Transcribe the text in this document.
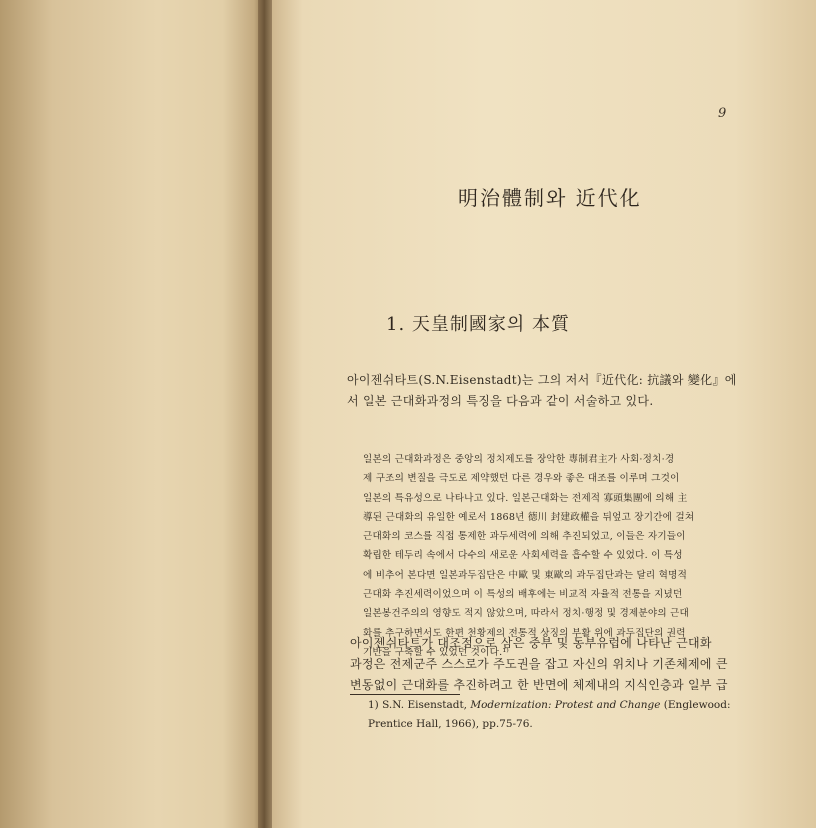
9
明治體制와 近代化
1. 天皇制國家의 本質

아이젠쉬타트(S.N.Eisenstadt)는 그의 저서『近代化: 抗議와 變化』에
서 일본 근대화과정의 특징을 다음과 같이 서술하고 있다.

일본의 근대화과정은 중앙의 정치제도를 장악한 專制君主가 사회·정치·경
제 구조의 변질을 극도로 제약했던 다른 경우와 좋은 대조를 이루며 그것이
일본의 특유성으로 나타나고 있다. 일본근대화는 전제적 寡頭集團에 의해 主
導된 근대화의 유일한 예로서 1868년 德川 封建政權을 뒤엎고 장기간에 걸쳐
근대화의 코스를 직접 통제한 과두세력에 의해 추진되었고, 이들은 자기들이
확립한 테두리 속에서 다수의 새로운 사회세력을 흡수할 수 있었다. 이 특성
에 비추어 본다면 일본과두집단은 中歐 및 東歐의 과두집단과는 달리 혁명적
근대화 추진세력이었으며 이 특성의 배후에는 비교적 자율적 전통을 지녔던
일본봉건주의의 영향도 적지 않았으며, 따라서 정치·행정 및 경제분야의 근대
화를 추구하면서도 한편 천황제의 전통적 상징의 부활 위에 과두집단의 권력
기반을 구축할 수 있었던 것이다.¹⁾

아이젠쉬타트가 대조점으로 삼은 중부 및 동부유럽에 나타난 근대화
과정은 전제군주 스스로가 주도권을 잡고 자신의 위치나 기존체제에 큰
변동없이 근대화를 추진하려고 한 반면에 체제내의 지식인층과 일부 급

1) S.N. Eisenstadt, Modernization: Protest and Change (Englewood:
Prentice Hall, 1966), pp.75-76.
